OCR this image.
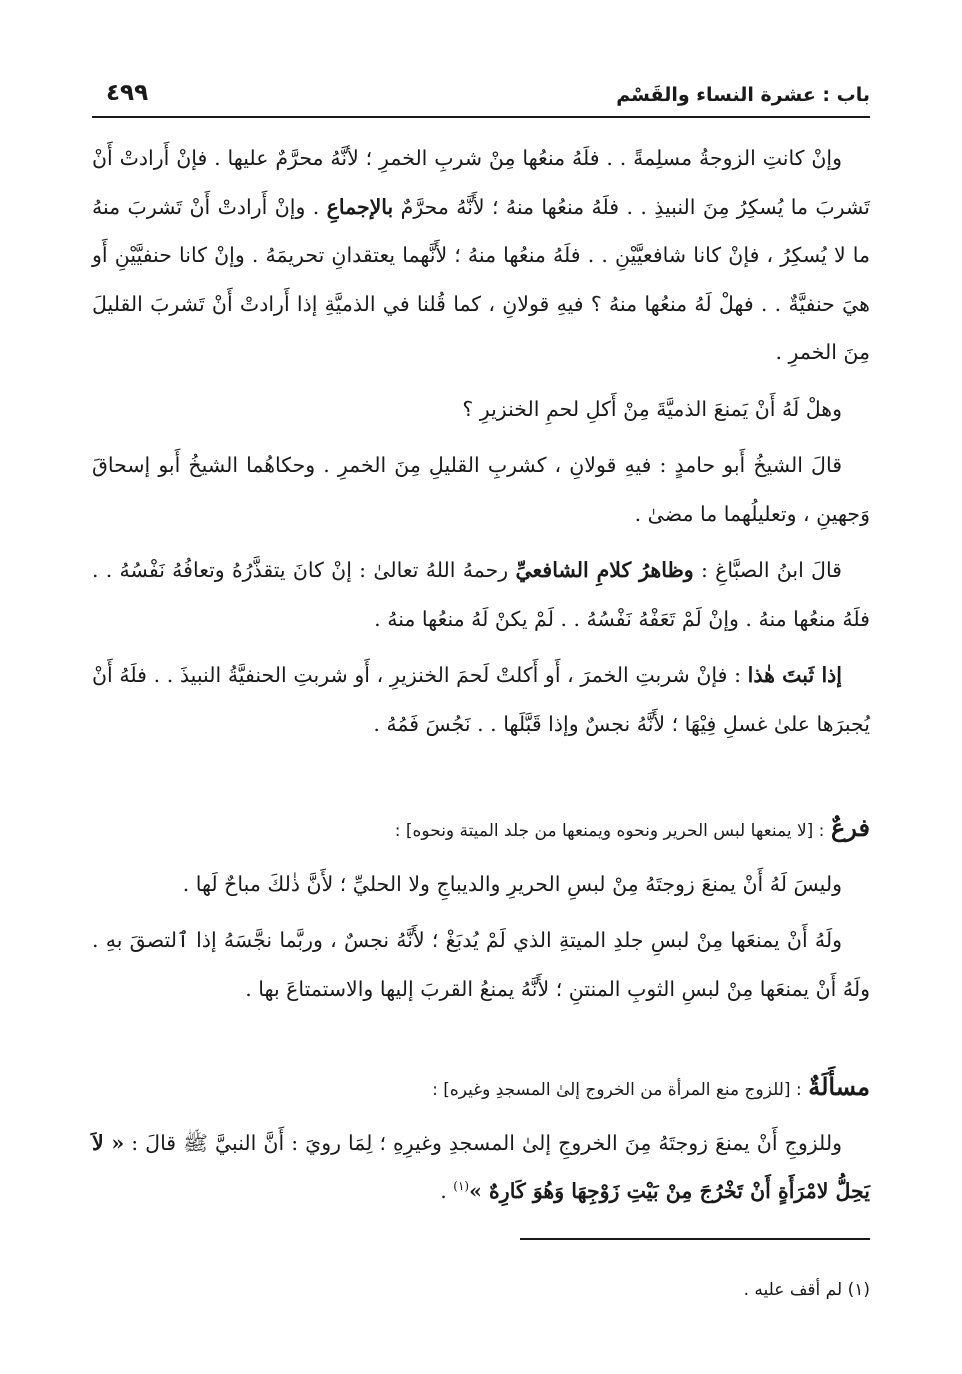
باب : عشرة النساء والقَسْم
٤٩٩

وإنْ كانتِ الزوجةُ مسلِمةً . . فلَهُ منعُها مِنْ شربِ الخمرِ ؛ لأنَّهُ محرَّمٌ عليها . فإنْ أَرادتْ أَنْ تَشربَ ما يُسكِرُ مِنَ النبيذِ . . فلَهُ منعُها منهُ ؛ لأَنَّهُ محرَّمٌ بالإجماعِ . وإنْ أَرادتْ أَنْ تَشربَ منهُ ما لا يُسكِرُ ، فإنْ كانا شافعيَّيْنِ . . فلَهُ منعُها منهُ ؛ لأَنَّهما يعتقدانِ تحريمَهُ . وإنْ كانا حنفيَّيْنِ أَو هيَ حنفيَّةٌ . . فهلْ لَهُ منعُها منهُ ؟ فيهِ قولانِ ، كما قُلنا في الذميَّةِ إذا أَرادتْ أَنْ تَشربَ القليلَ مِنَ الخمرِ .

وهلْ لَهُ أَنْ يَمنعَ الذميَّةَ مِنْ أَكلِ لحمِ الخنزيرِ ؟

قالَ الشيخُ أَبو حامدٍ : فيهِ قولانِ ، كشربِ القليلِ مِنَ الخمرِ . وحكاهُما الشيخُ أَبو إسحاقَ وَجهينِ ، وتعليلُهما ما مضىٰ .

قالَ ابنُ الصبَّاغِ : وظاهرُ كلامِ الشافعيِّ رحمهُ اللهُ تعالىٰ : إنْ كانَ يتقذَّرُهُ وتعافُهُ نَفْسُهُ . . فلَهُ منعُها منهُ . وإنْ لَمْ تَعَفْهُ نَفْسُهُ . . لَمْ يكنْ لَهُ منعُها منهُ .

إذا ثَبتَ هٰذا : فإنْ شربتِ الخمرَ ، أَو أَكلتْ لَحمَ الخنزيرِ ، أَو شربتِ الحنفيَّةُ النبيذَ . . فلَهُ أَنْ يُجبرَها علىٰ غسلِ فِيْهَا ؛ لأَنَّهُ نجسٌ وإذا قَبَّلَها . . نَجُسَ فَمُهُ .

فرعٌ : [لا يمنعها لبس الحرير ونحوه ويمنعها من جلد الميتة ونحوه] :

وليسَ لَهُ أَنْ يمنعَ زوجتَهُ مِنْ لبسِ الحريرِ والديباجِ ولا الحليِّ ؛ لأَنَّ ذٰلكَ مباحٌ لَها .

ولَهُ أَنْ يمنعَها مِنْ لبسِ جلدِ الميتةِ الذي لَمْ يُدبَغْ ؛ لأَنَّهُ نجسٌ ، وربَّما نجَّسَهُ إذا ٱلتصقَ بهِ . ولَهُ أَنْ يمنعَها مِنْ لبسِ الثوبِ المنتنِ ؛ لأَنَّهُ يمنعُ القربَ إليها والاستمتاعَ بها .

مسأَلَةٌ : [للزوج منع المرأة من الخروج إلىٰ المسجدِ وغيره] :

وللزوجِ أَنْ يمنعَ زوجتَهُ مِنَ الخروجِ إلىٰ المسجدِ وغيرِهِ ؛ لِمَا رويَ : أَنَّ النبيَّ ﷺ قالَ : « لاَ يَحِلُّ لامْرَأَةٍ أَنْ تَخْرُجَ مِنْ بَيْتِ زَوْجِهَا وَهُوَ كَارِهٌ »$^{(١)}$ .

(١) لم أقف عليه .
